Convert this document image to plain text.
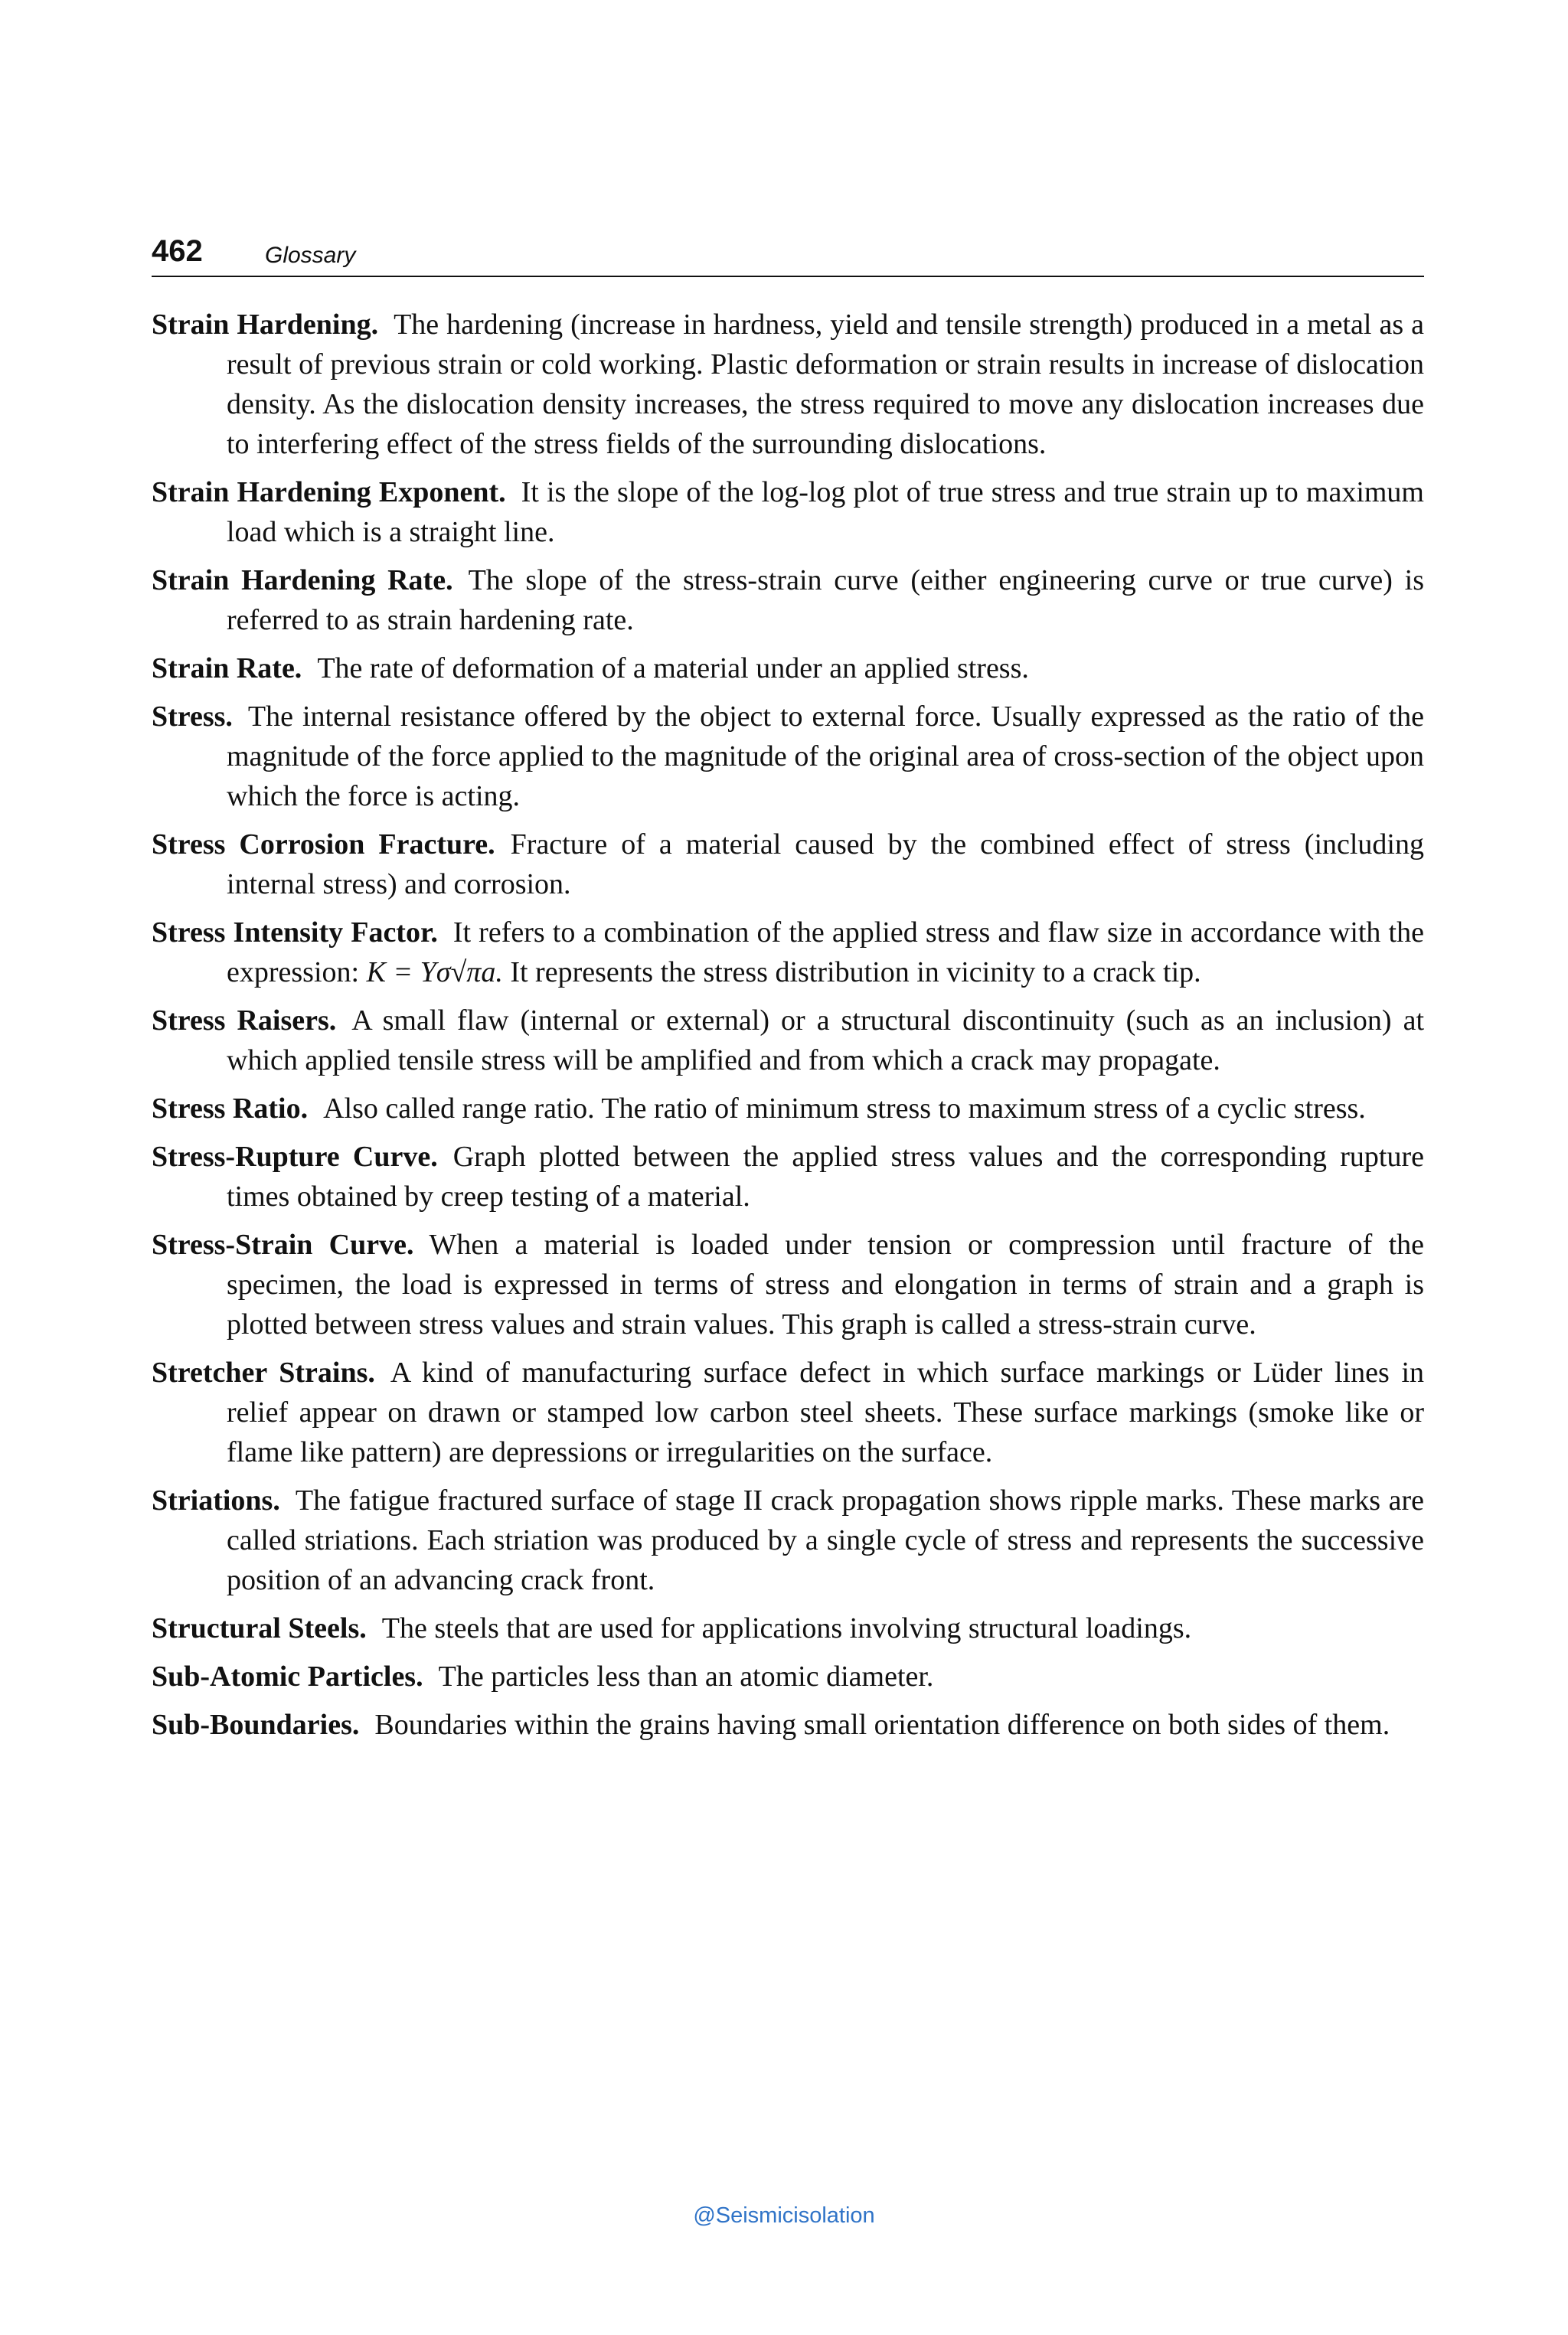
462	Glossary

Strain Hardening. The hardening (increase in hardness, yield and tensile strength) produced in a metal as a result of previous strain or cold working. Plastic deformation or strain results in increase of dislocation density. As the dislocation density increases, the stress required to move any dislocation increases due to interfering effect of the stress fields of the surrounding dislocations.

Strain Hardening Exponent. It is the slope of the log-log plot of true stress and true strain up to maximum load which is a straight line.

Strain Hardening Rate. The slope of the stress-strain curve (either engineering curve or true curve) is referred to as strain hardening rate.

Strain Rate. The rate of deformation of a material under an applied stress.

Stress. The internal resistance offered by the object to external force. Usually expressed as the ratio of the magnitude of the force applied to the magnitude of the original area of cross-section of the object upon which the force is acting.

Stress Corrosion Fracture. Fracture of a material caused by the combined effect of stress (including internal stress) and corrosion.

Stress Intensity Factor. It refers to a combination of the applied stress and flaw size in accordance with the expression: K = Yσ√πa. It represents the stress distribution in vicinity to a crack tip.

Stress Raisers. A small flaw (internal or external) or a structural discontinuity (such as an inclusion) at which applied tensile stress will be amplified and from which a crack may propagate.

Stress Ratio. Also called range ratio. The ratio of minimum stress to maximum stress of a cyclic stress.

Stress-Rupture Curve. Graph plotted between the applied stress values and the corresponding rupture times obtained by creep testing of a material.

Stress-Strain Curve. When a material is loaded under tension or compression until fracture of the specimen, the load is expressed in terms of stress and elongation in terms of strain and a graph is plotted between stress values and strain values. This graph is called a stress-strain curve.

Stretcher Strains. A kind of manufacturing surface defect in which surface markings or Lüder lines in relief appear on drawn or stamped low carbon steel sheets. These surface markings (smoke like or flame like pattern) are depressions or irregularities on the surface.

Striations. The fatigue fractured surface of stage II crack propagation shows ripple marks. These marks are called striations. Each striation was produced by a single cycle of stress and represents the successive position of an advancing crack front.

Structural Steels. The steels that are used for applications involving structural loadings.

Sub-Atomic Particles. The particles less than an atomic diameter.

Sub-Boundaries. Boundaries within the grains having small orientation difference on both sides of them.

@Seismicisolation
